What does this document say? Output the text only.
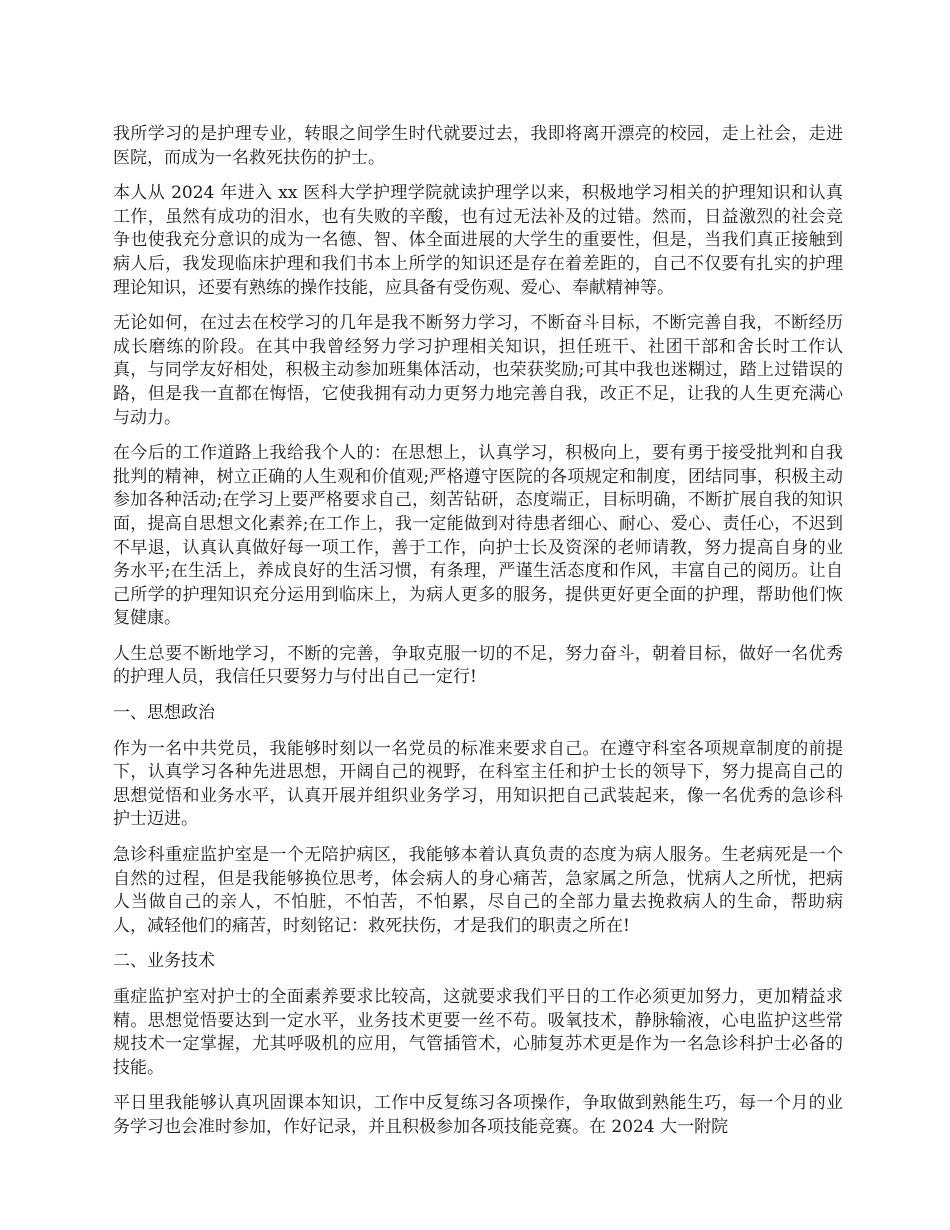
我所学习的是护理专业，转眼之间学生时代就要过去，我即将离开漂亮的校园，走上社会，走进医院，而成为一名救死扶伤的护士。

本人从 2024 年进入 xx 医科大学护理学院就读护理学以来，积极地学习相关的护理知识和认真工作，虽然有成功的泪水，也有失败的辛酸，也有过无法补及的过错。然而，日益激烈的社会竞争也使我充分意识的成为一名德、智、体全面进展的大学生的重要性，但是，当我们真正接触到病人后，我发现临床护理和我们书本上所学的知识还是存在着差距的，自己不仅要有扎实的护理理论知识，还要有熟练的操作技能，应具备有受伤观、爱心、奉献精神等。

无论如何，在过去在校学习的几年是我不断努力学习，不断奋斗目标，不断完善自我，不断经历成长磨练的阶段。在其中我曾经努力学习护理相关知识，担任班干、社团干部和舍长时工作认真，与同学友好相处，积极主动参加班集体活动，也荣获奖励;可其中我也迷糊过，踏上过错误的路，但是我一直都在悔悟，它使我拥有动力更努力地完善自我，改正不足，让我的人生更充满心与动力。

在今后的工作道路上我给我个人的：在思想上，认真学习，积极向上，要有勇于接受批判和自我批判的精神，树立正确的人生观和价值观;严格遵守医院的各项规定和制度，团结同事，积极主动参加各种活动;在学习上要严格要求自己，刻苦钻研，态度端正，目标明确，不断扩展自我的知识面，提高自思想文化素养;在工作上，我一定能做到对待患者细心、耐心、爱心、责任心，不迟到不早退，认真认真做好每一项工作，善于工作，向护士长及资深的老师请教，努力提高自身的业务水平;在生活上，养成良好的生活习惯，有条理，严谨生活态度和作风，丰富自己的阅历。让自己所学的护理知识充分运用到临床上，为病人更多的服务，提供更好更全面的护理，帮助他们恢复健康。

人生总要不断地学习，不断的完善，争取克服一切的不足，努力奋斗，朝着目标，做好一名优秀的护理人员，我信任只要努力与付出自己一定行!

一、思想政治

作为一名中共党员，我能够时刻以一名党员的标准来要求自己。在遵守科室各项规章制度的前提下，认真学习各种先进思想，开阔自己的视野，在科室主任和护士长的领导下，努力提高自己的思想觉悟和业务水平，认真开展并组织业务学习，用知识把自己武装起来，像一名优秀的急诊科护士迈进。

急诊科重症监护室是一个无陪护病区，我能够本着认真负责的态度为病人服务。生老病死是一个自然的过程，但是我能够换位思考，体会病人的身心痛苦，急家属之所急，忧病人之所忧，把病人当做自己的亲人，不怕脏，不怕苦，不怕累，尽自己的全部力量去挽救病人的生命，帮助病人，减轻他们的痛苦，时刻铭记：救死扶伤，才是我们的职责之所在!

二、业务技术

重症监护室对护士的全面素养要求比较高，这就要求我们平日的工作必须更加努力，更加精益求精。思想觉悟要达到一定水平，业务技术更要一丝不苟。吸氧技术，静脉输液，心电监护这些常规技术一定掌握，尤其呼吸机的应用，气管插管术，心肺复苏术更是作为一名急诊科护士必备的技能。

平日里我能够认真巩固课本知识，工作中反复练习各项操作，争取做到熟能生巧，每一个月的业务学习也会准时参加，作好记录，并且积极参加各项技能竞赛。在 2024 大一附院
